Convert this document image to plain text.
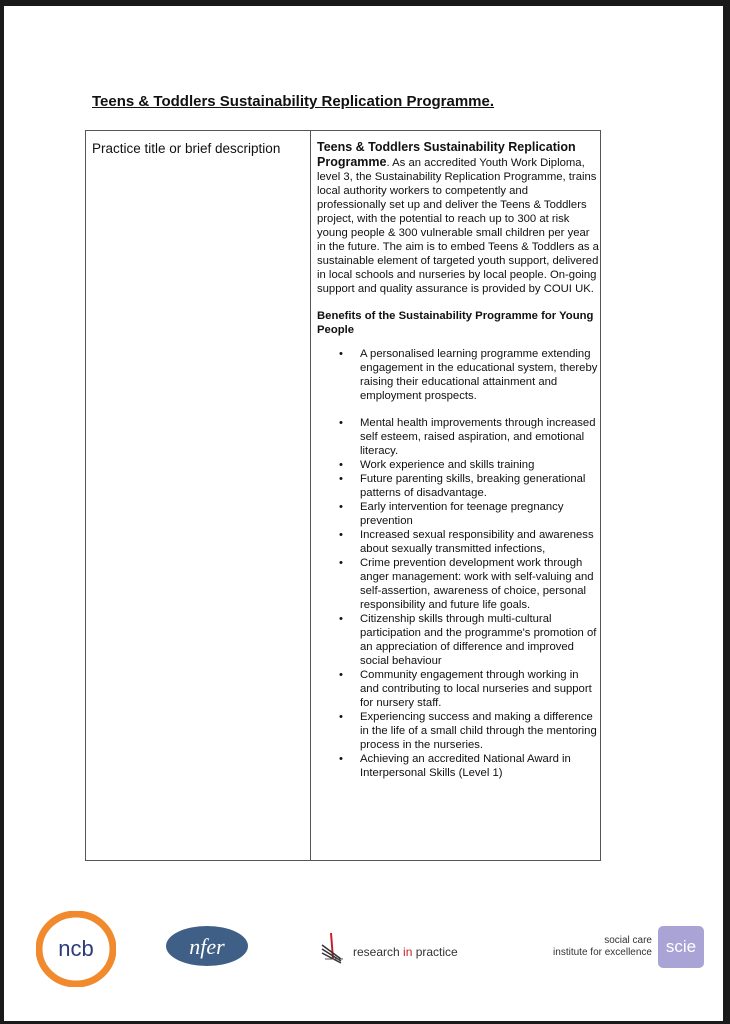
Teens & Toddlers Sustainability Replication Programme.
Practice title or brief description	Teens & Toddlers Sustainability Replication Programme. As an accredited Youth Work Diploma, level 3, the Sustainability Replication Programme, trains local authority workers to competently and professionally set up and deliver the Teens & Toddlers project, with the potential to reach up to 300 at risk young people & 300 vulnerable small children per year in the future. The aim is to embed Teens & Toddlers as a sustainable element of targeted youth support, delivered in local schools and nurseries by local people. On-going support and quality assurance is provided by COUI UK.

Benefits of the Sustainability Programme for Young People

• A personalised learning programme extending engagement in the educational system, thereby raising their educational attainment and employment prospects.
• Mental health improvements through increased self esteem, raised aspiration, and emotional literacy.
• Work experience and skills training
• Future parenting skills, breaking generational patterns of disadvantage.
• Early intervention for teenage pregnancy prevention
• Increased sexual responsibility and awareness about sexually transmitted infections,
• Crime prevention development work through anger management: work with self-valuing and self-assertion, awareness of choice, personal responsibility and future life goals.
• Citizenship skills through multi-cultural participation and the programme's promotion of an appreciation of difference and improved social behaviour
• Community engagement through working in and contributing to local nurseries and support for nursery staff.
• Experiencing success and making a difference in the life of a small child through the mentoring process in the nurseries.
• Achieving an accredited National Award in Interpersonal Skills (Level 1)
ncb	nfer	research in practice
social care
institute for excellence scie
